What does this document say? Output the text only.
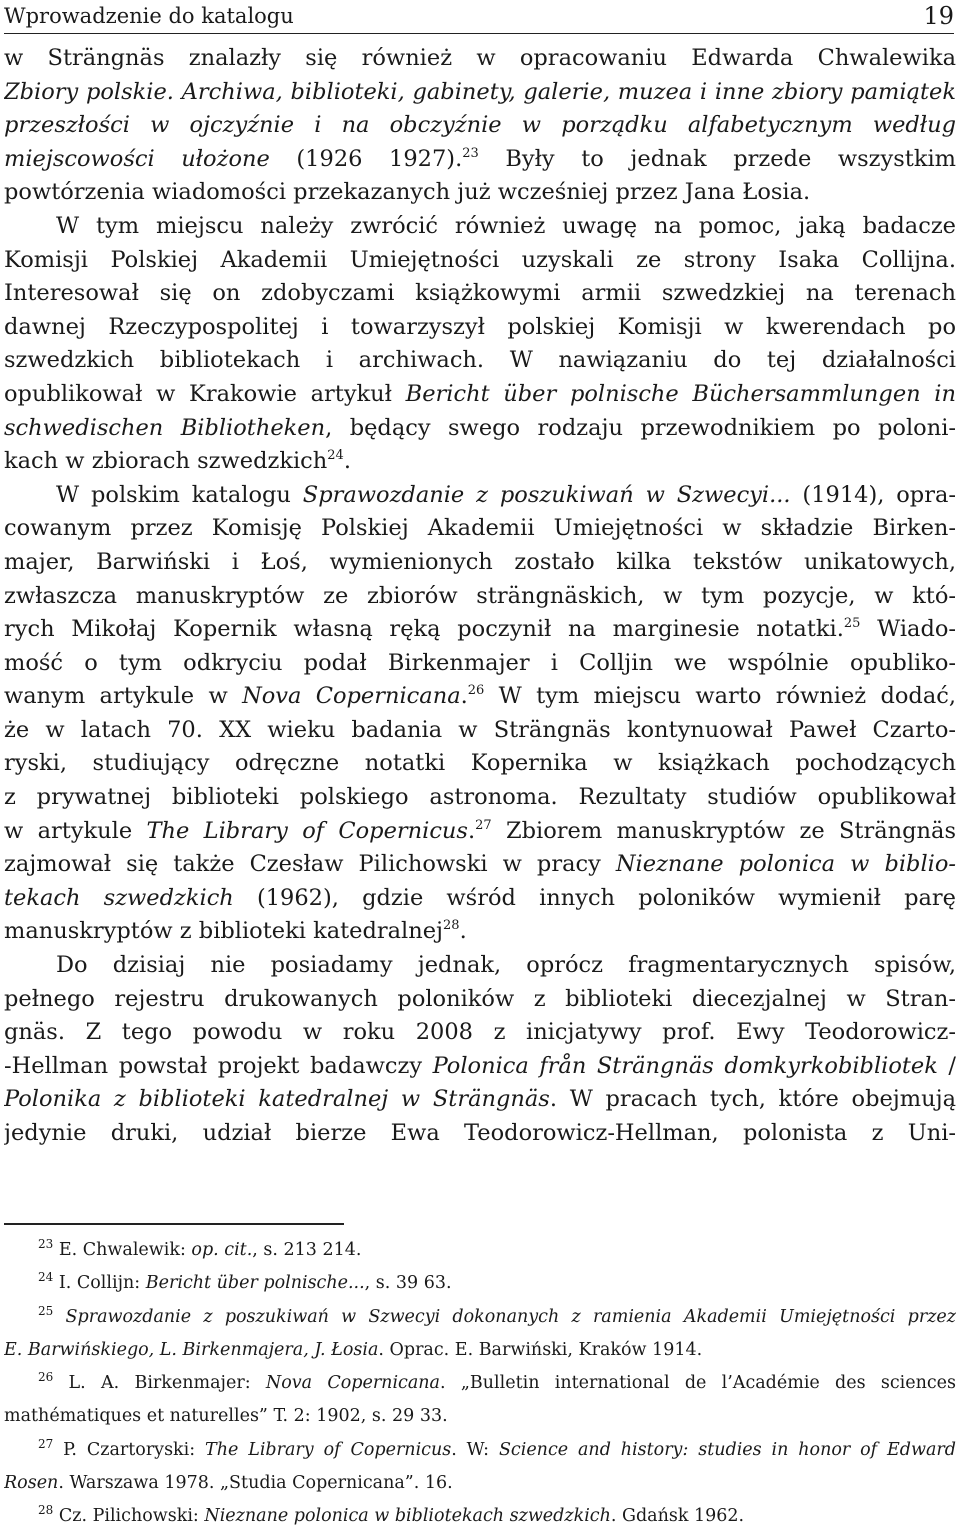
Wprowadzenie do katalogu	19
w Strängnäs znalazły się również w opracowaniu Edwarda Chwalewika
Zbiory polskie. Archiwa, biblioteki, gabinety, galerie, muzea i inne zbiory pamiątek
przeszłości w ojczyźnie i na obczyźnie w porządku alfabetycznym według
miejscowości ułożone (1926 1927).$^{23}$ Były to jednak przede wszystkim
powtórzenia wiadomości przekazanych już wcześniej przez Jana Łosia.
W tym miejscu należy zwrócić również uwagę na pomoc, jaką badacze
Komisji Polskiej Akademii Umiejętności uzyskali ze strony Isaka Collijna.
Interesował się on zdobyczami książkowymi armii szwedzkiej na terenach
dawnej Rzeczypospolitej i towarzyszył polskiej Komisji w kwerendach po
szwedzkich bibliotekach i archiwach. W nawiązaniu do tej działalności
opublikował w Krakowie artykuł Bericht über polnische Büchersammlungen in
schwedischen Bibliotheken, będący swego rodzaju przewodnikiem po poloni-
kach w zbiorach szwedzkich$^{24}$.
W polskim katalogu Sprawozdanie z poszukiwań w Szwecyi... (1914), opra-
cowanym przez Komisję Polskiej Akademii Umiejętności w składzie Birken-
majer, Barwiński i Łoś, wymienionych zostało kilka tekstów unikatowych,
zwłaszcza manuskryptów ze zbiorów strängnäskich, w tym pozycje, w któ-
rych Mikołaj Kopernik własną ręką poczynił na marginesie notatki.$^{25}$ Wiado-
mość o tym odkryciu podał Birkenmajer i Colljin we wspólnie opubliko-
wanym artykule w Nova Copernicana.$^{26}$ W tym miejscu warto również dodać,
że w latach 70. XX wieku badania w Strängnäs kontynuował Paweł Czarto-
ryski, studiujący odręczne notatki Kopernika w książkach pochodzących
z prywatnej biblioteki polskiego astronoma. Rezultaty studiów opublikował
w artykule The Library of Copernicus.$^{27}$ Zbiorem manuskryptów ze Strängnäs
zajmował się także Czesław Pilichowski w pracy Nieznane polonica w biblio-
tekach szwedzkich (1962), gdzie wśród innych poloników wymienił parę
manuskryptów z biblioteki katedralnej$^{28}$.
Do dzisiaj nie posiadamy jednak, oprócz fragmentarycznych spisów,
pełnego rejestru drukowanych poloników z biblioteki diecezjalnej w Stran-
gnäs. Z tego powodu w roku 2008 z inicjatywy prof. Ewy Teodorowicz-
-Hellman powstał projekt badawczy Polonica från Strängnäs domkyrkobibliotek /
Polonika z biblioteki katedralnej w Strängnäs. W pracach tych, które obejmują
jedynie druki, udział bierze Ewa Teodorowicz-Hellman, polonista z Uni-
$^{23}$ E. Chwalewik: op. cit., s. 213 214.
$^{24}$ I. Collijn: Bericht über polnische..., s. 39 63.
$^{25}$ Sprawozdanie z poszukiwań w Szwecyi dokonanych z ramienia Akademii Umiejętności przez
E. Barwińskiego, L. Birkenmajera, J. Łosia. Oprac. E. Barwiński, Kraków 1914.
$^{26}$ L. A. Birkenmajer: Nova Copernicana. „Bulletin international de l’Académie des sciences
mathématiques et naturelles” T. 2: 1902, s. 29 33.
$^{27}$ P. Czartoryski: The Library of Copernicus. W: Science and history: studies in honor of Edward
Rosen. Warszawa 1978. „Studia Copernicana”. 16.
$^{28}$ Cz. Pilichowski: Nieznane polonica w bibliotekach szwedzkich. Gdańsk 1962.
